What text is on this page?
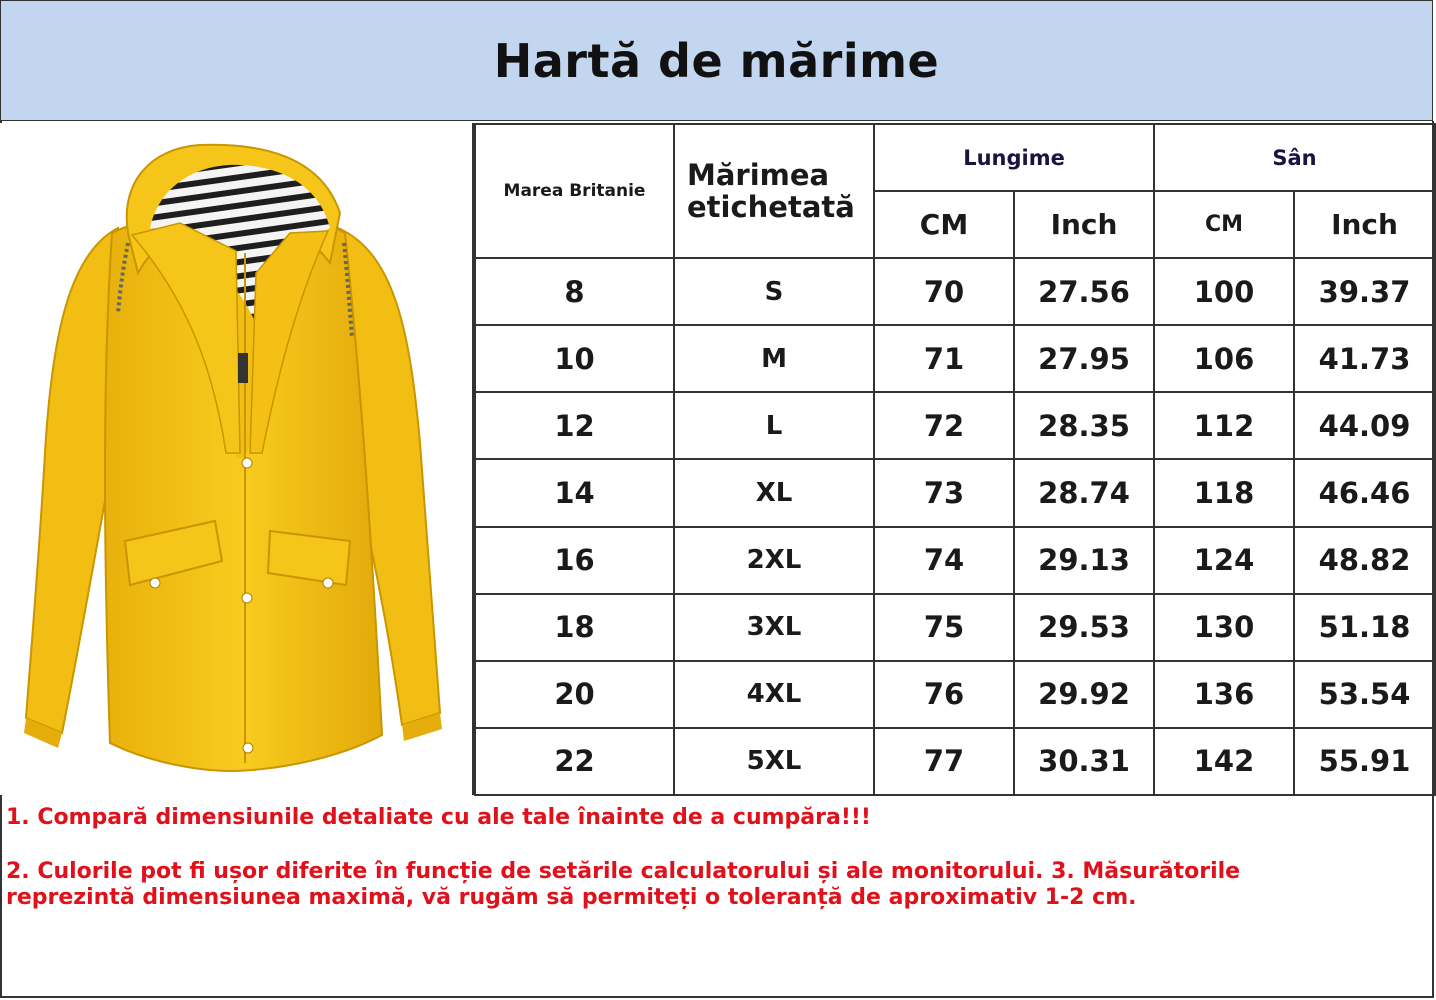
Hartă de mărime
Marea Britanie	Mărimea etichetată	Lungime		Sân	
		CM	Inch	CM	Inch
8	S	70	27.56	100	39.37
10	M	71	27.95	106	41.73
12	L	72	28.35	112	44.09
14	XL	73	28.74	118	46.46
16	2XL	74	29.13	124	48.82
18	3XL	75	29.53	130	51.18
20	4XL	76	29.92	136	53.54
22	5XL	77	30.31	142	55.91

1. Compară dimensiunile detaliate cu ale tale înainte de a cumpăra!!!

2. Culorile pot fi ușor diferite în funcție de setările calculatorului și ale monitorului. 3. Măsurătorile

reprezintă dimensiunea maximă, vă rugăm să permiteți o toleranță de aproximativ 1-2 cm.
